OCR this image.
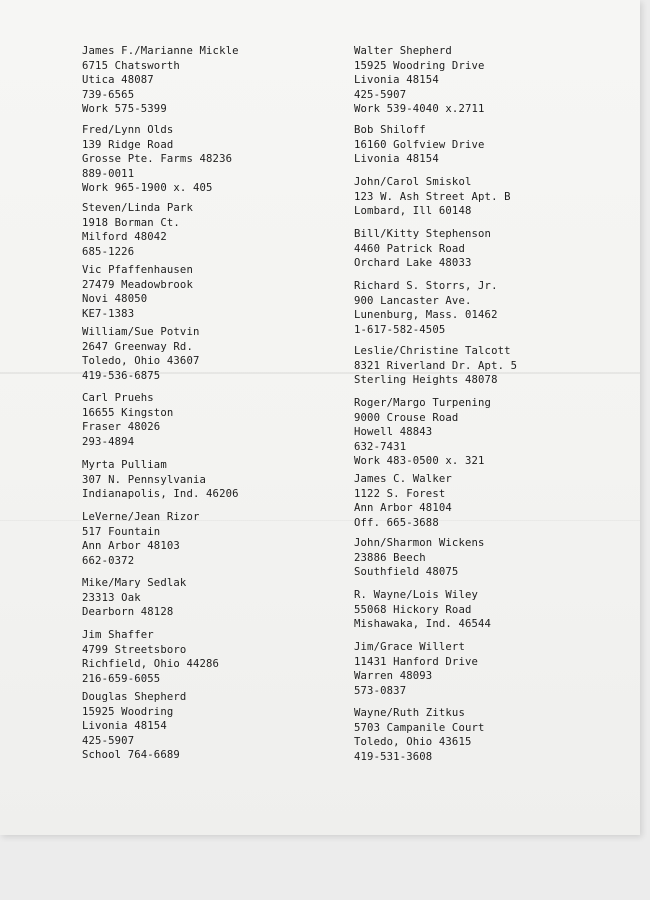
James F./Marianne Mickle
6715 Chatsworth
Utica 48087
739-6565
Work 575-5399
Fred/Lynn Olds
139 Ridge Road
Grosse Pte. Farms 48236
889-0011
Work 965-1900 x. 405
Steven/Linda Park
1918 Borman Ct.
Milford 48042
685-1226
Vic Pfaffenhausen
27479 Meadowbrook
Novi 48050
KE7-1383
William/Sue Potvin
2647 Greenway Rd.
Toledo, Ohio 43607
419-536-6875
Carl Pruehs
16655 Kingston
Fraser 48026
293-4894
Myrta Pulliam
307 N. Pennsylvania
Indianapolis, Ind. 46206
LeVerne/Jean Rizor
517 Fountain
Ann Arbor 48103
662-0372
Mike/Mary Sedlak
23313 Oak
Dearborn 48128
Jim Shaffer
4799 Streetsboro
Richfield, Ohio 44286
216-659-6055
Douglas Shepherd
15925 Woodring
Livonia 48154
425-5907
School 764-6689
Walter Shepherd
15925 Woodring Drive
Livonia 48154
425-5907
Work 539-4040 x.2711
Bob Shiloff
16160 Golfview Drive
Livonia 48154
John/Carol Smiskol
123 W. Ash Street Apt. B
Lombard, Ill 60148
Bill/Kitty Stephenson
4460 Patrick Road
Orchard Lake 48033
Richard S. Storrs, Jr.
900 Lancaster Ave.
Lunenburg, Mass. 01462
1-617-582-4505
Leslie/Christine Talcott
8321 Riverland Dr. Apt. 5
Sterling Heights 48078
Roger/Margo Turpening
9000 Crouse Road
Howell 48843
632-7431
Work 483-0500 x. 321
James C. Walker
1122 S. Forest
Ann Arbor 48104
Off. 665-3688
John/Sharmon Wickens
23886 Beech
Southfield 48075
R. Wayne/Lois Wiley
55068 Hickory Road
Mishawaka, Ind. 46544
Jim/Grace Willert
11431 Hanford Drive
Warren 48093
573-0837
Wayne/Ruth Zitkus
5703 Campanile Court
Toledo, Ohio 43615
419-531-3608
